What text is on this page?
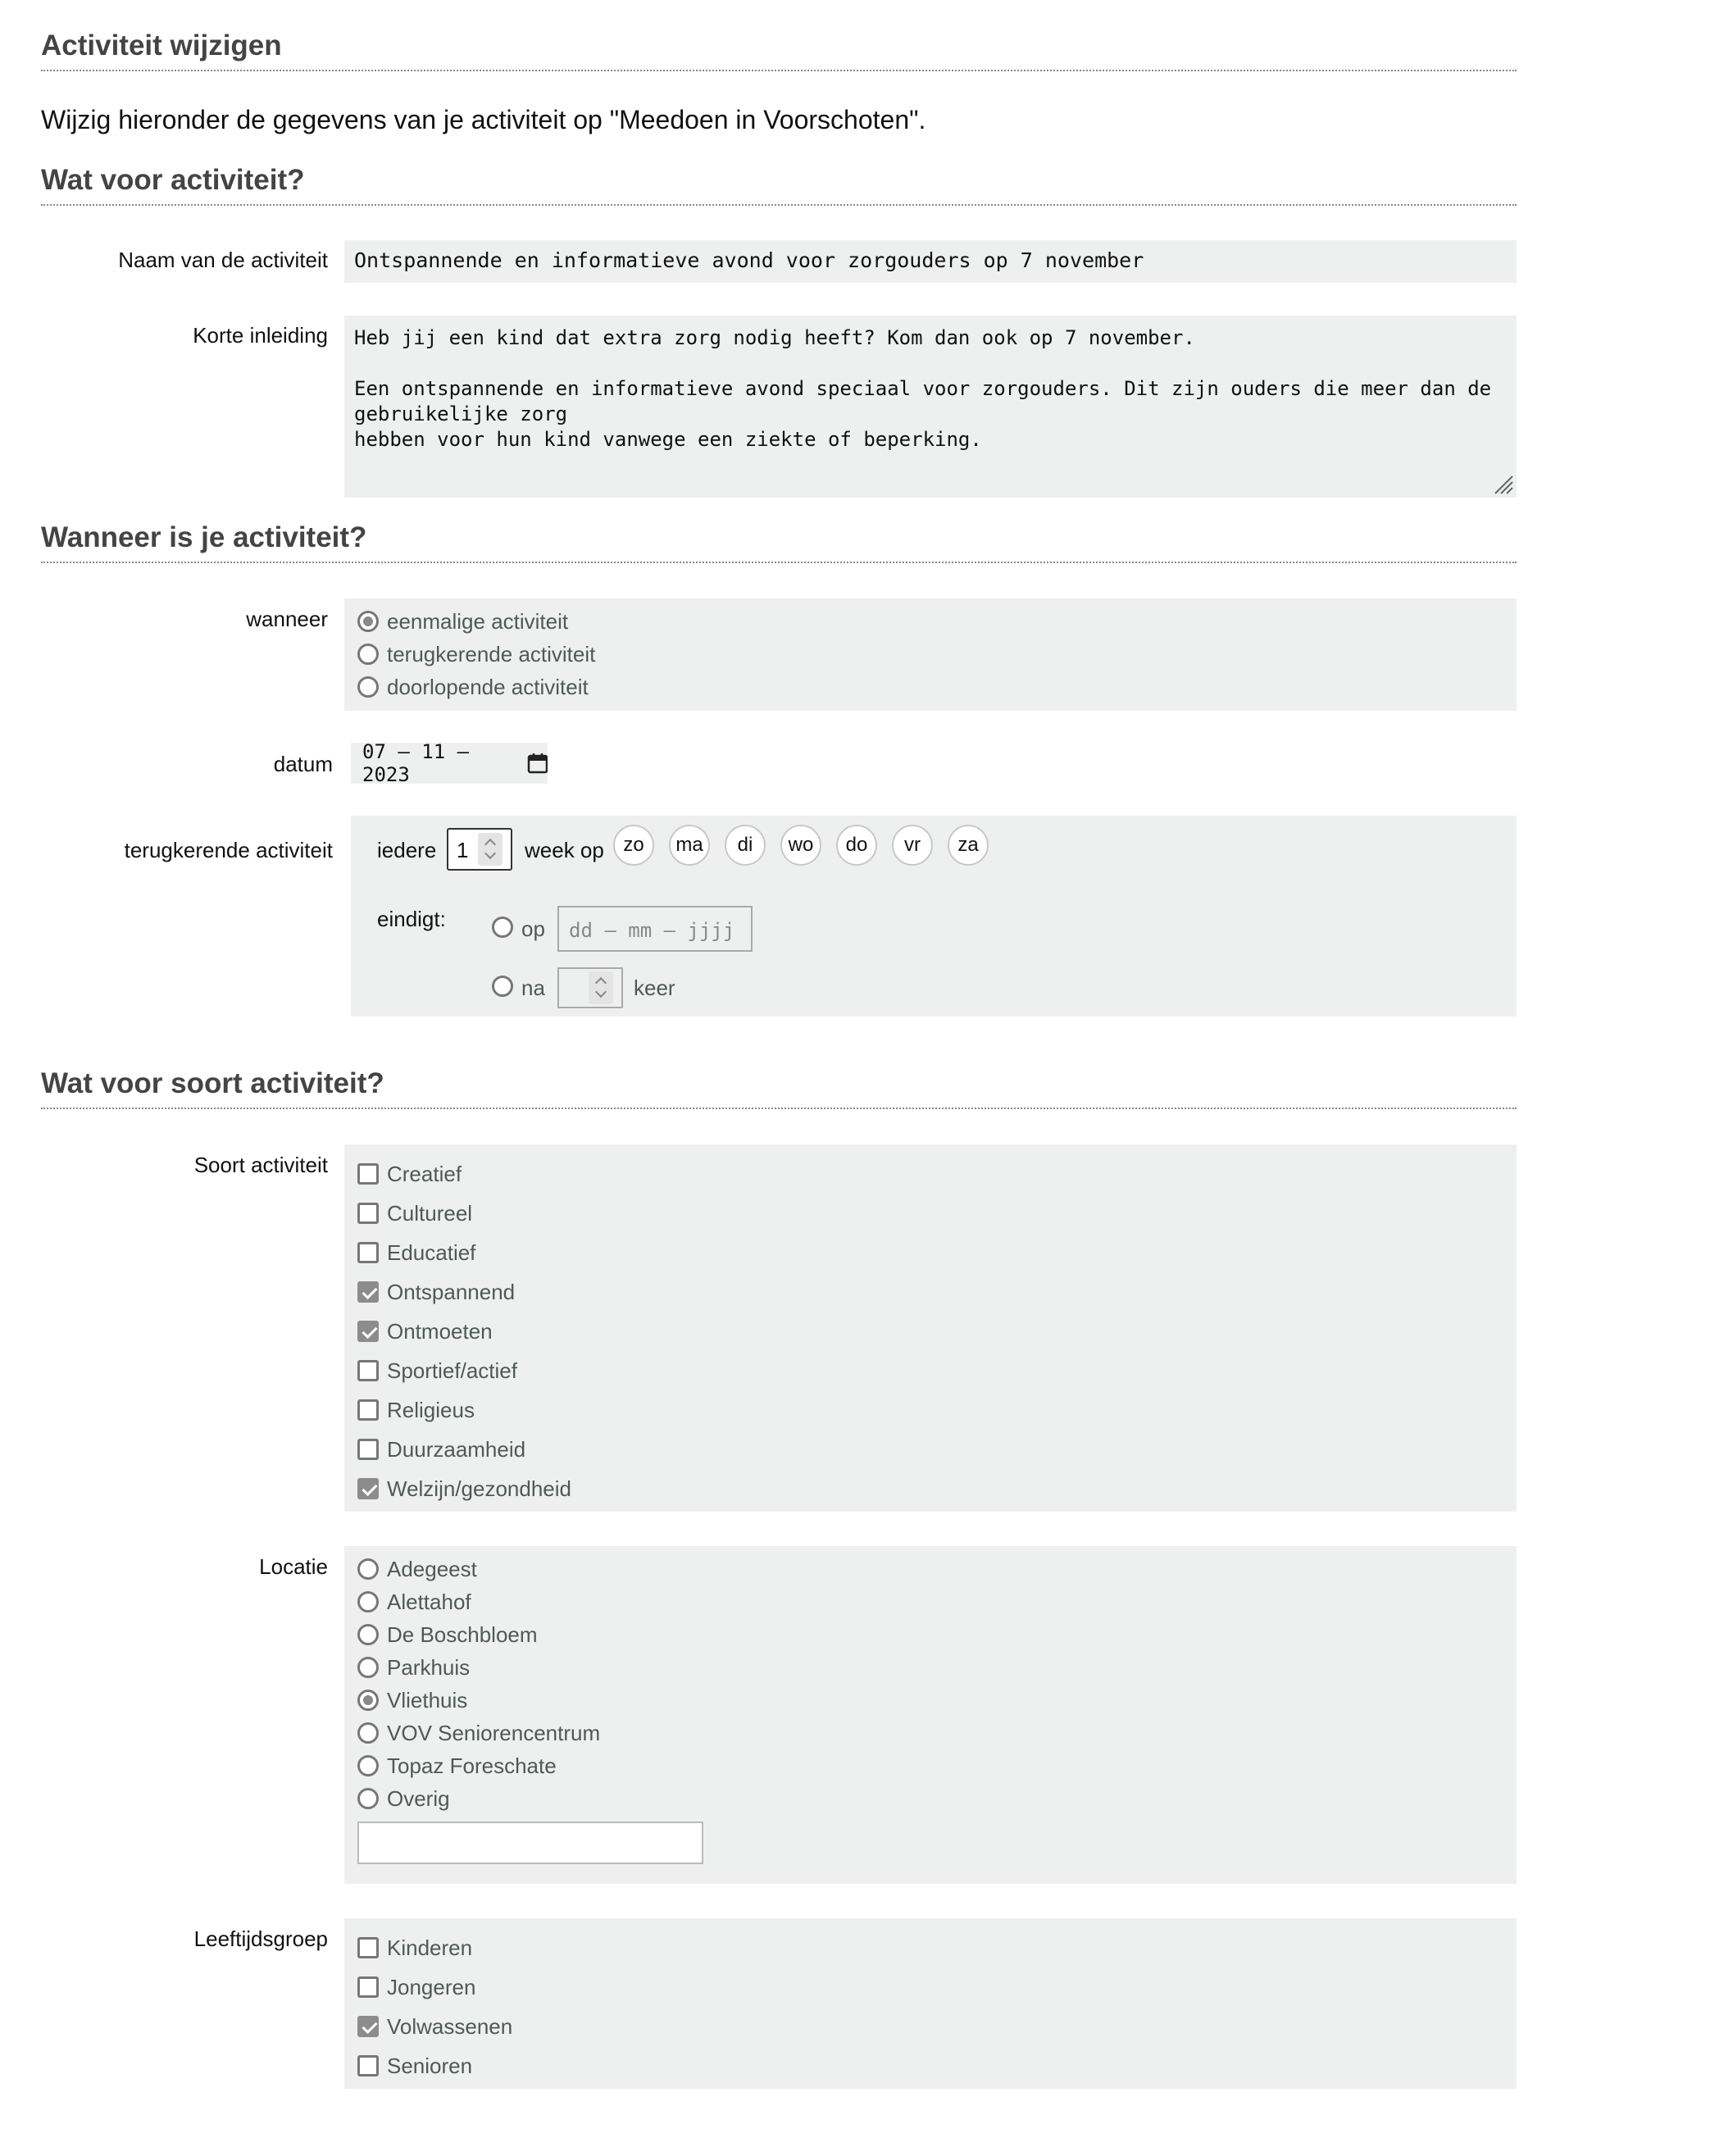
Activiteit wijzigen
Wijzig hieronder de gegevens van je activiteit op "Meedoen in Voorschoten".
Wat voor activiteit?
Naam van de activiteit	Ontspannende en informatieve avond voor zorgouders op 7 november
Korte inleiding Heb jij een kind dat extra zorg nodig heeft? Kom dan ook op 7 november.
Een ontspannende en informatieve avond speciaal voor zorgouders. Dit zijn ouders die meer dan de gebruikelijke zorg
hebben voor hun kind vanwege een ziekte of beperking.
Wanneer is je activiteit?
wanneer	eenmalige activiteit
terugkerende activiteit
doorlopende activiteit
datum 07 – 11 – 2023
terugkerende activiteit iedere 1	week op
eindigt:	op	dd – mm – jjjj
na	keer
Wat voor soort activiteit?
Soort activiteit	Creatief
Cultureel
Educatief
Ontspannend
Ontmoeten
Sportief/actief
Religieus
Duurzaamheid
Welzijn/gezondheid
Locatie	Adegeest
Alettahof
De Boschbloem
Parkhuis
Vliethuis
VOV Seniorencentrum
Topaz Foreschate
Overig
Leeftijdsgroep	Kinderen
Jongeren
Volwassenen
Senioren
zo	ma	di	wo	do	vr	za
